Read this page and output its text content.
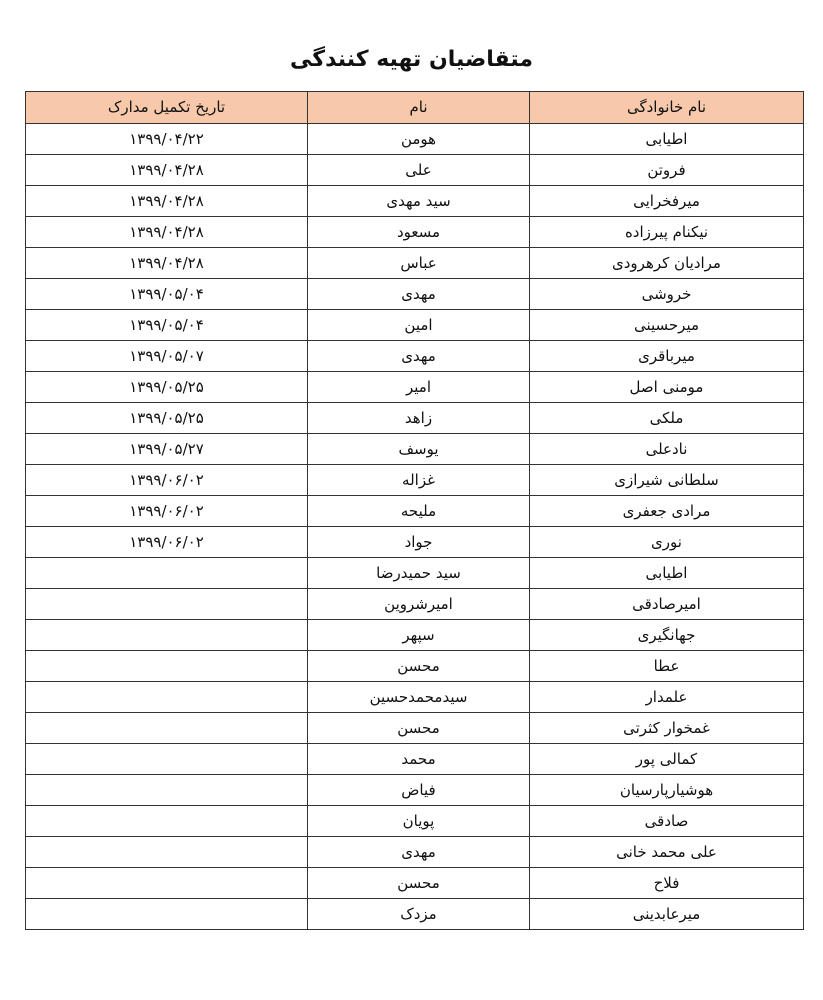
متقاضیان تهیه کنندگی
نام خانوادگی	نام	تاریخ تکمیل مدارک
اطیابی	هومن	۱۳۹۹/۰۴/۲۲
فروتن	علی	۱۳۹۹/۰۴/۲۸
میرفخرایی	سید مهدی	۱۳۹۹/۰۴/۲۸
نیکنام پیرزاده	مسعود	۱۳۹۹/۰۴/۲۸
مرادیان کرهرودی	عباس	۱۳۹۹/۰۴/۲۸
خروشی	مهدی	۱۳۹۹/۰۵/۰۴
میرحسینی	امین	۱۳۹۹/۰۵/۰۴
میرباقری	مهدی	۱۳۹۹/۰۵/۰۷
مومنی اصل	امیر	۱۳۹۹/۰۵/۲۵
ملکی	زاهد	۱۳۹۹/۰۵/۲۵
نادعلی	یوسف	۱۳۹۹/۰۵/۲۷
سلطانی شیرازی	غزاله	۱۳۹۹/۰۶/۰۲
مرادی جعفری	ملیحه	۱۳۹۹/۰۶/۰۲
نوری	جواد	۱۳۹۹/۰۶/۰۲
اطیابی	سید حمیدرضا	
امیرصادقی	امیرشروین	
جهانگیری	سپهر	
عطا	محسن	
علمدار	سیدمحمدحسین	
غمخوار کثرتی	محسن	
کمالی پور	محمد	
هوشیارپارسیان	فیاض	
صادقی	پویان	
علی محمد خانی	مهدی	
فلاح	محسن	
میرعابدینی	مزدک	
